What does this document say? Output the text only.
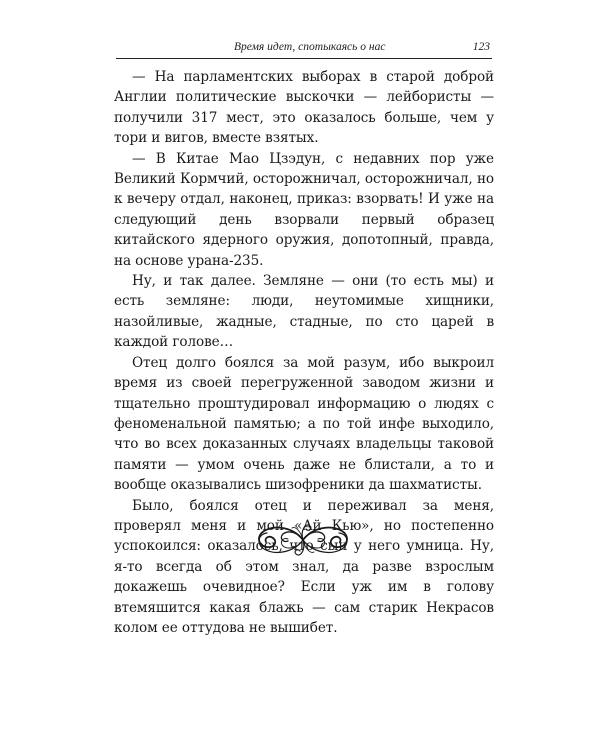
Время идет, спотыкаясь о нас	123

— На парламентских выборах в старой доброй Англии политические выскочки — лейбористы — получили 317 мест, это оказалось больше, чем у тори и вигов, вместе взятых.

— В Китае Мао Цзэдун, с недавних пор уже Великий Кормчий, осторожничал, осторожничал, но к вечеру отдал, наконец, приказ: взорвать! И уже на следующий день взорвали первый образец китайского ядерного оружия, допотопный, правда, на основе урана-235.

Ну, и так далее. Земляне — они (то есть мы) и есть земляне: люди, неутомимые хищники, назойливые, жадные, стадные, по сто царей в каждой голове…

Отец долго боялся за мой разум, ибо выкроил время из своей перегруженной заводом жизни и тщательно проштудировал информацию о людях с феноменальной памятью; а по той инфе выходило, что во всех доказанных случаях владельцы таковой памяти — умом очень даже не блистали, а то и вообще оказывались шизофреники да шахматисты.

Было, боялся отец и переживал за меня, проверял меня и мой «Ай Кью», но постепенно успокоился: оказалось, что сын у него умница. Ну, я-то всегда об этом знал, да разве взрослым докажешь очевидное? Если уж им в голову втемяшится какая блажь — сам старик Некрасов колом ее оттудова не вышибет.
